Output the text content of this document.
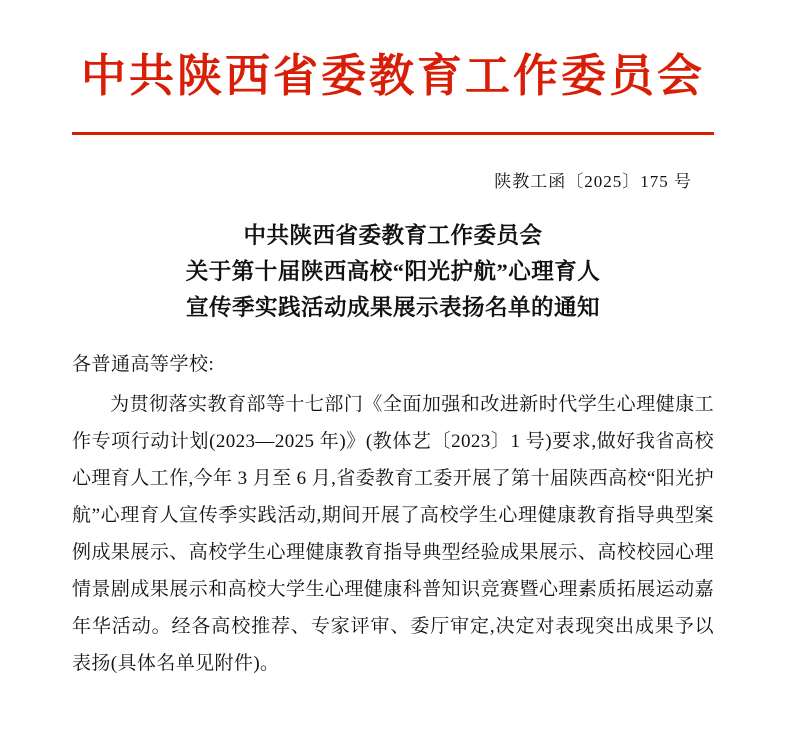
中共陕西省委教育工作委员会
陕教工函〔2025〕175 号
中共陕西省委教育工作委员会
关于第十届陕西高校“阳光护航”心理育人
宣传季实践活动成果展示表扬名单的通知
各普通高等学校:
为贯彻落实教育部等十七部门《全面加强和改进新时代学生心理健康工作专项行动计划(2023—2025 年)》(教体艺〔2023〕1 号)要求,做好我省高校心理育人工作,今年 3 月至 6 月,省委教育工委开展了第十届陕西高校“阳光护航”心理育人宣传季实践活动,期间开展了高校学生心理健康教育指导典型案例成果展示、高校学生心理健康教育指导典型经验成果展示、高校校园心理情景剧成果展示和高校大学生心理健康科普知识竞赛暨心理素质拓展运动嘉年华活动。经各高校推荐、专家评审、委厅审定,决定对表现突出成果予以表扬(具体名单见附件)。
